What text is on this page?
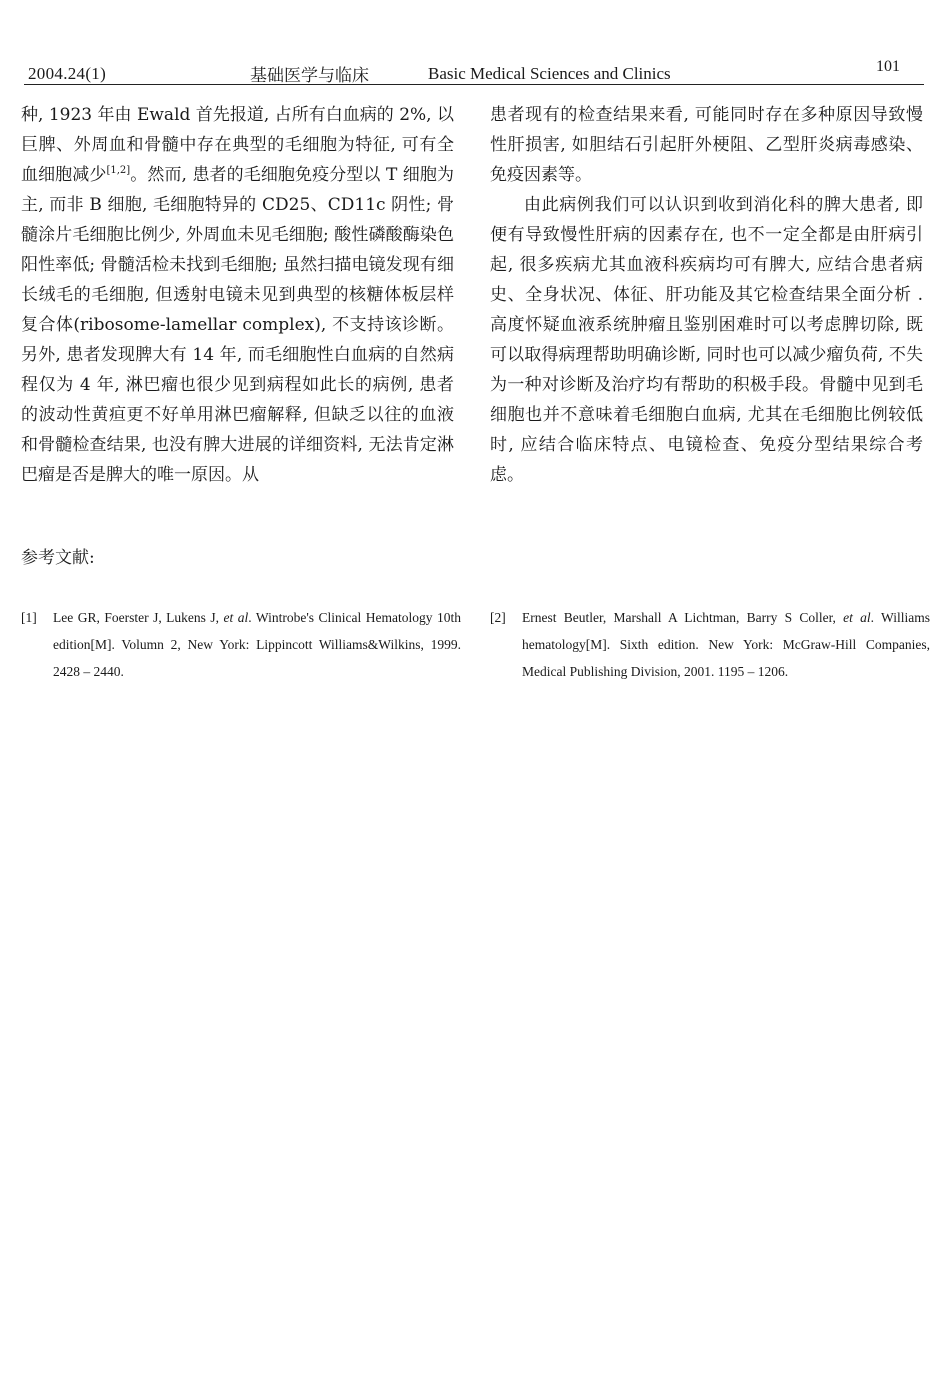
2004.24(1)	基础医学与临床	Basic Medical Sciences and Clinics	101

种, 1923 年由 Ewald 首先报道, 占所有白血病的 2%, 以巨脾、外周血和骨髓中存在典型的毛细胞为特征, 可有全血细胞减少[1,2]。然而, 患者的毛细胞免疫分型以 T 细胞为主, 而非 B 细胞, 毛细胞特异的 CD25、CD11c 阴性; 骨髓涂片毛细胞比例少, 外周血未见毛细胞; 酸性磷酸酶染色阳性率低; 骨髓活检未找到毛细胞; 虽然扫描电镜发现有细长绒毛的毛细胞, 但透射电镜未见到典型的核糖体板层样复合体(ribosome-lamellar complex), 不支持该诊断。另外, 患者发现脾大有 14 年, 而毛细胞性白血病的自然病程仅为 4 年, 淋巴瘤也很少见到病程如此长的病例, 患者的波动性黄疸更不好单用淋巴瘤解释, 但缺乏以往的血液和骨髓检查结果, 也没有脾大进展的详细资料, 无法肯定淋巴瘤是否是脾大的唯一原因。从

患者现有的检查结果来看, 可能同时存在多种原因导致慢性肝损害, 如胆结石引起肝外梗阻、乙型肝炎病毒感染、免疫因素等。

由此病例我们可以认识到收到消化科的脾大患者, 即便有导致慢性肝病的因素存在, 也不一定全都是由肝病引起, 很多疾病尤其血液科疾病均可有脾大, 应结合患者病史、全身状况、体征、肝功能及其它检查结果全面分析 . 高度怀疑血液系统肿瘤且鉴别困难时可以考虑脾切除, 既可以取得病理帮助明确诊断, 同时也可以减少瘤负荷, 不失为一种对诊断及治疗均有帮助的积极手段。骨髓中见到毛细胞也并不意味着毛细胞白血病, 尤其在毛细胞比例较低时, 应结合临床特点、电镜检查、免疫分型结果综合考虑。

参考文献:
[1] Lee GR, Foerster J, Lukens J, et al. Wintrobe's Clinical Hematology 10th edition[M]. Volumn 2, New York: Lippincott Williams&Wilkins, 1999. 2428 – 2440.
[2] Ernest Beutler, Marshall A Lichtman, Barry S Coller, et al. Williams hematology[M]. Sixth edition. New York: McGraw-Hill Companies, Medical Publishing Division, 2001. 1195 – 1206.
